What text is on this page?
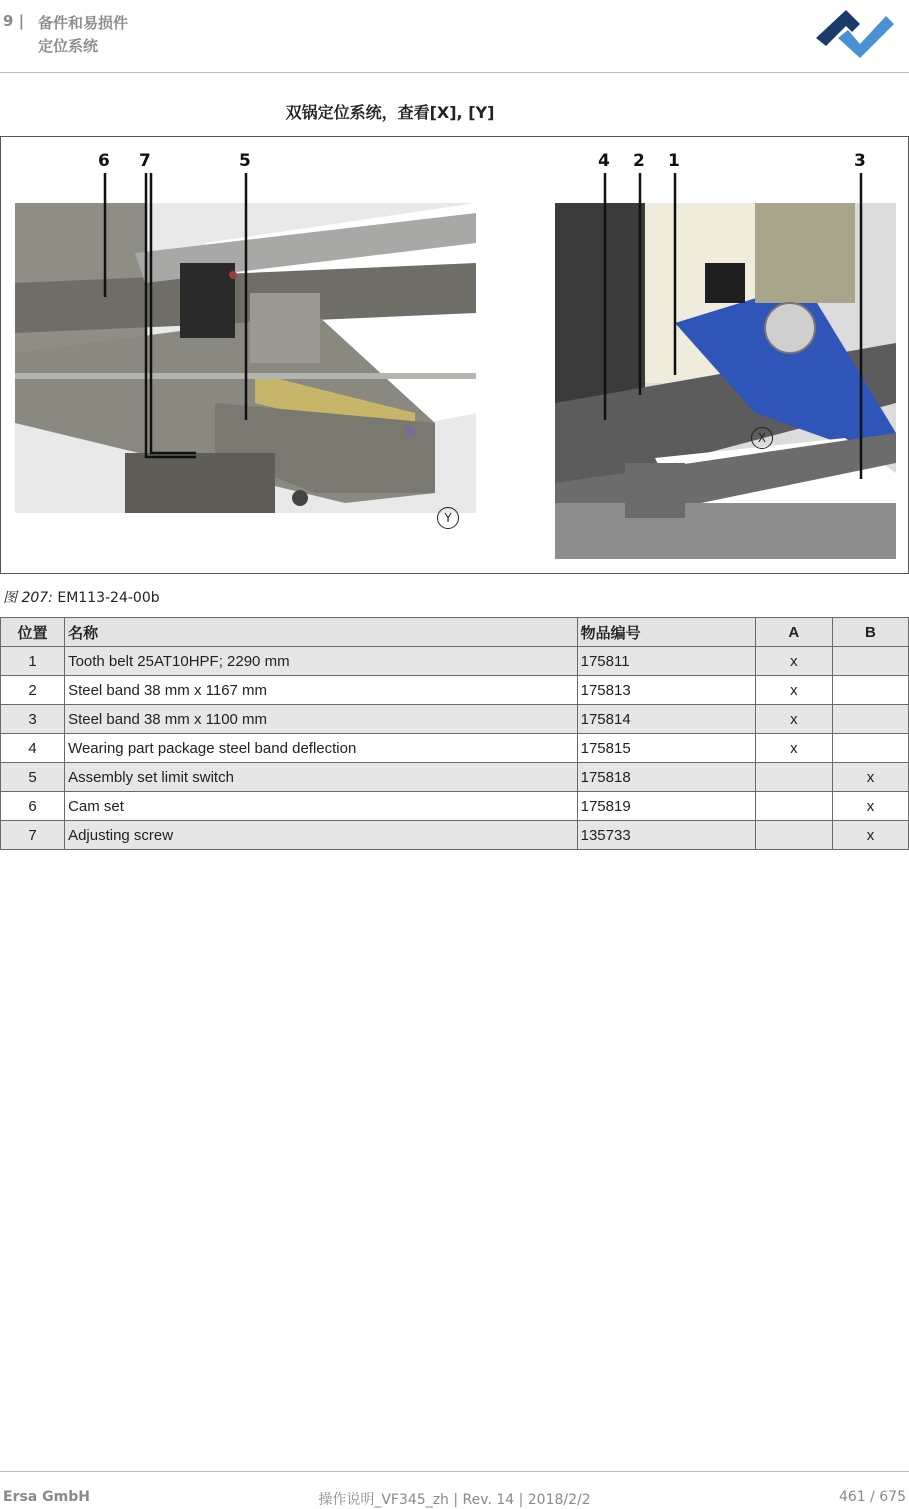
9 | 备件和易损件
定位系统
双锅定位系统，查看[X], [Y]
6 7	5	4 2 1	3
X
Y
图 207: EM113-24-00b
位置	名称	物品编号	A	B
1	Tooth belt 25AT10HPF; 2290 mm	175811	x	
2	Steel band 38 mm x 1167 mm	175813	x	
3	Steel band 38 mm x 1100 mm	175814	x	
4	Wearing part package steel band deflection	175815	x	
5	Assembly set limit switch	175818		x
6	Cam set	175819		x
7	Adjusting screw	135733		x
Ersa GmbH	操作说明_VF345_zh | Rev. 14 | 2018/2/2	461 / 675
